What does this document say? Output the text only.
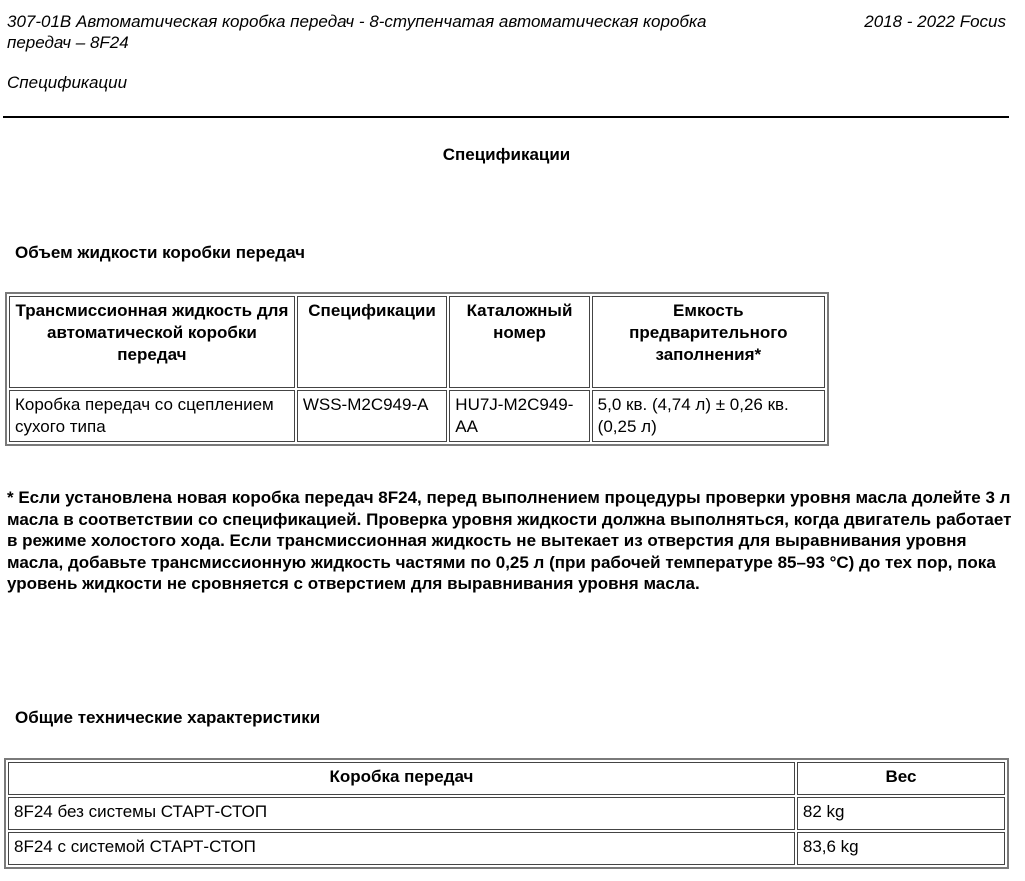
307-01B Автоматическая коробка передач - 8-ступенчатая автоматическая коробка передач – 8F24
2018 - 2022 Focus
Спецификации
Спецификации
Объем жидкости коробки передач
Трансмиссионная жидкость для автоматической коробки передач	Спецификации	Каталожный номер	Емкость предварительного заполнения*
Коробка передач со сцеплением сухого типа	WSS-M2C949-A	HU7J-M2C949-AA	5,0 кв. (4,74 л) ± 0,26 кв. (0,25 л)
* Если установлена новая коробка передач 8F24, перед выполнением процедуры проверки уровня масла долейте 3 л масла в соответствии со спецификацией. Проверка уровня жидкости должна выполняться, когда двигатель работает в режиме холостого хода. Если трансмиссионная жидкость не вытекает из отверстия для выравнивания уровня масла, добавьте трансмиссионную жидкость частями по 0,25 л (при рабочей температуре 85–93 °C) до тех пор, пока уровень жидкости не сровняется с отверстием для выравнивания уровня масла.
Общие технические характеристики
Коробка передач	Вес
8F24 без системы СТАРТ-СТОП	82 kg
8F24 с системой СТАРТ-СТОП	83,6 kg
